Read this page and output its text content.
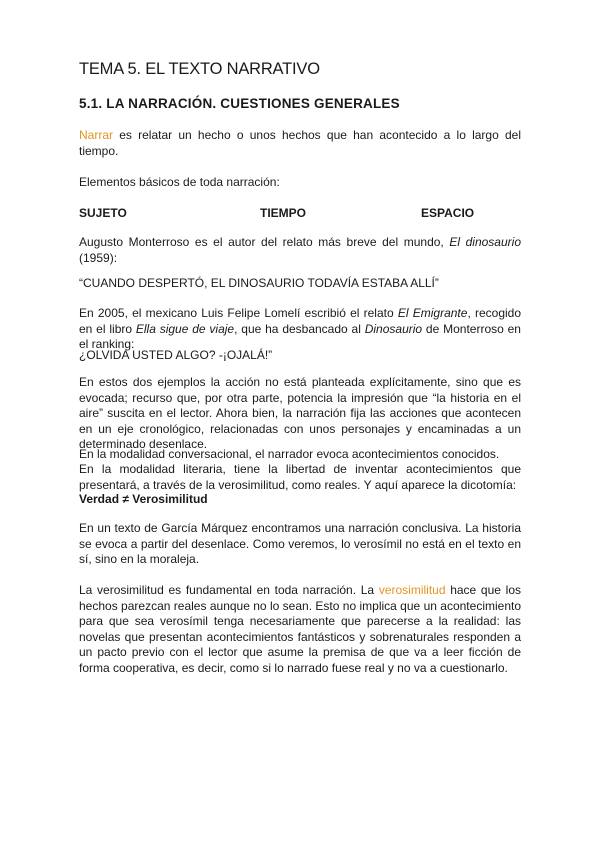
TEMA 5. EL TEXTO NARRATIVO
5.1. LA NARRACIÓN. CUESTIONES GENERALES
Narrar es relatar un hecho o unos hechos que han acontecido a lo largo del tiempo.
Elementos básicos de toda narración:
SUJETO	TIEMPO	ESPACIO
Augusto Monterroso es el autor del relato más breve del mundo, El dinosaurio (1959):
“CUANDO DESPERTÓ, EL DINOSAURIO TODAVÍA ESTABA ALLÍ”
En 2005, el mexicano Luis Felipe Lomelí escribió el relato El Emigrante, recogido en el libro Ella sigue de viaje, que ha desbancado al Dinosaurio de Monterroso en el ranking:
¿OLVIDA USTED ALGO? -¡OJALÁ!”
En estos dos ejemplos la acción no está planteada explícitamente, sino que es evocada; recurso que, por otra parte, potencia la impresión que “la historia en el aire” suscita en el lector. Ahora bien, la narración fija las acciones que acontecen en un eje cronológico, relacionadas con unos personajes y encaminadas a un determinado desenlace.
En la modalidad conversacional, el narrador evoca acontecimientos conocidos.
En la modalidad literaria, tiene la libertad de inventar acontecimientos que presentará, a través de la verosimilitud, como reales. Y aquí aparece la dicotomía:
Verdad ≠ Verosimilitud
En un texto de García Márquez encontramos una narración conclusiva. La historia se evoca a partir del desenlace. Como veremos, lo verosímil no está en el texto en sí, sino en la moraleja.
La verosimilitud es fundamental en toda narración. La verosimilitud hace que los hechos parezcan reales aunque no lo sean. Esto no implica que un acontecimiento para que sea verosímil tenga necesariamente que parecerse a la realidad: las novelas que presentan acontecimientos fantásticos y sobrenaturales responden a un pacto previo con el lector que asume la premisa de que va a leer ficción de forma cooperativa, es decir, como si lo narrado fuese real y no va a cuestionarlo.
